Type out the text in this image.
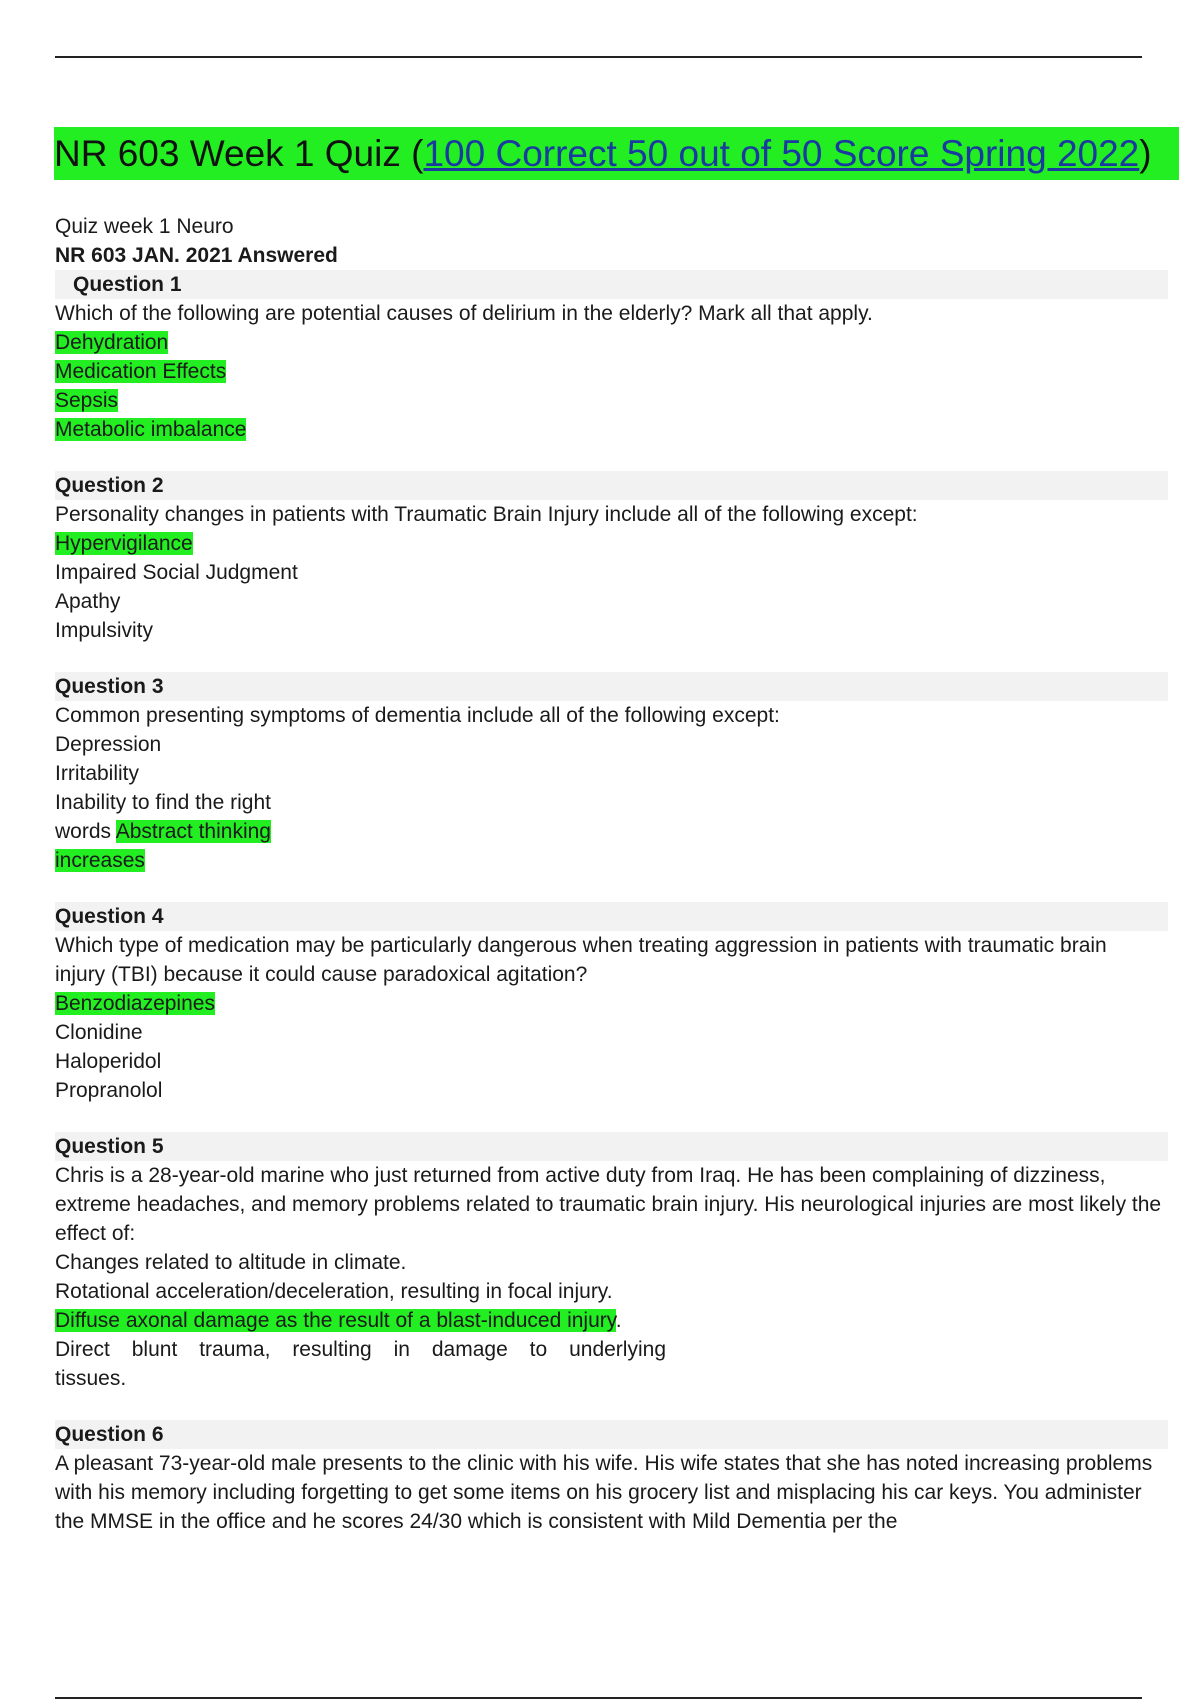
NR 603 Week 1 Quiz (100 Correct 50 out of 50 Score Spring 2022)
Quiz week 1 Neuro
NR 603 JAN. 2021 Answered
Question 1
Which of the following are potential causes of delirium in the elderly? Mark all that apply.
Dehydration
Medication Effects
Sepsis
Metabolic imbalance
Question 2
Personality changes in patients with Traumatic Brain Injury include all of the following except:
Hypervigilance
Impaired Social Judgment
Apathy
Impulsivity
Question 3
Common presenting symptoms of dementia include all of the following except:
Depression
Irritability
Inability to find the right
words Abstract thinking
increases
Question 4
Which type of medication may be particularly dangerous when treating aggression in patients with traumatic brain injury (TBI) because it could cause paradoxical agitation?
Benzodiazepines
Clonidine
Haloperidol
Propranolol
Question 5
Chris is a 28-year-old marine who just returned from active duty from Iraq. He has been complaining of dizziness, extreme headaches, and memory problems related to traumatic brain injury. His neurological injuries are most likely the effect of:
Changes related to altitude in climate.
Rotational acceleration/deceleration, resulting in focal injury.
Diffuse axonal damage as the result of a blast-induced injury.
Direct blunt trauma, resulting in damage to underlying
tissues.
Question 6
A pleasant 73-year-old male presents to the clinic with his wife. His wife states that she has noted increasing problems with his memory including forgetting to get some items on his grocery list and misplacing his car keys. You administer the MMSE in the office and he scores 24/30 which is consistent with Mild Dementia per the
